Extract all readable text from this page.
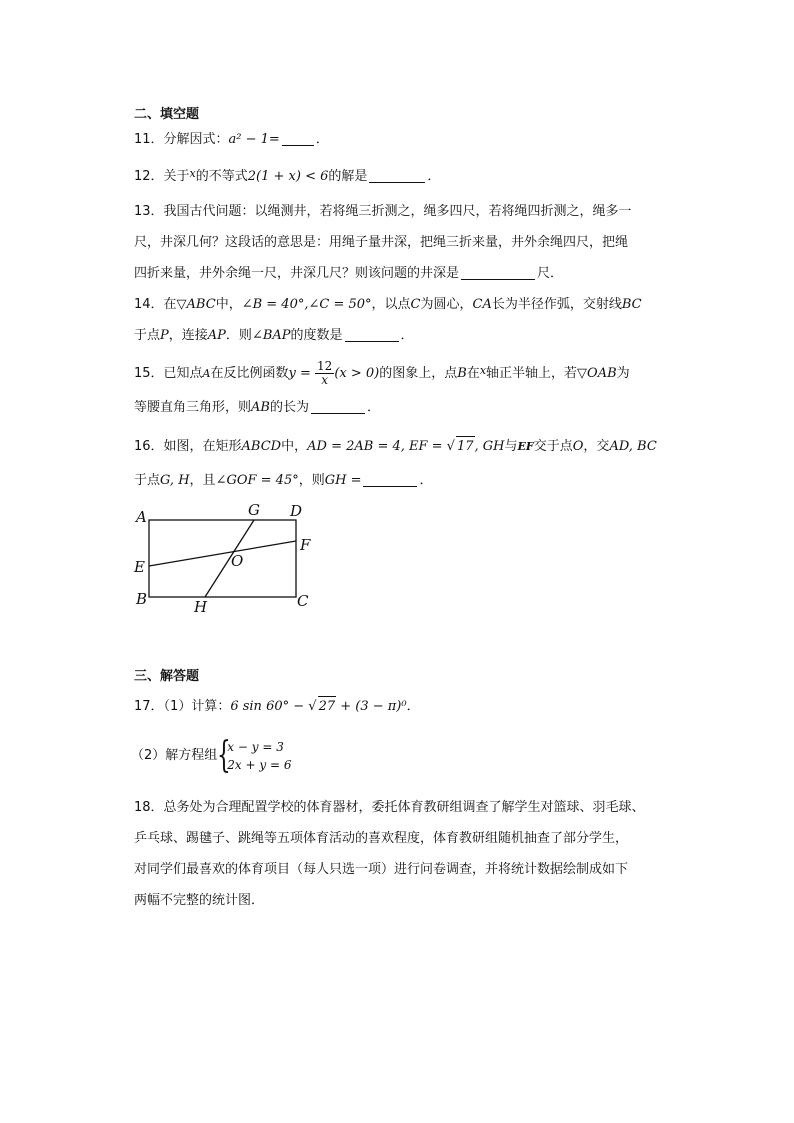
二、填空题
11．分解因式：a² − 1=	．
12．关于$^x$的不等式2(1 + x) < 6的解是	．
13．我国古代问题：以绳测井，若将绳三折测之，绳多四尺，若将绳四折测之，绳多一
尺，井深几何？这段话的意思是：用绳子量井深，把绳三折来量，井外余绳四尺，把绳
四折来量，井外余绳一尺，井深几尺？则该问题的井深是	尺．
14．在▽ABC中，∠B = 40°,∠C = 50°，以点C为圆心，CA长为半径作弧，交射线BC
于点P，连接AP．则∠BAP的度数是	．
15．已知点A在反比例函数$y = \frac{12}{x} (x > 0)$的图象上，点B在$^x$轴正半轴上，若▽OAB为
等腰直角三角形，则AB的长为	．
16．如图，在矩形ABCD中，AD = 2AB = 4, EF = √ 17, GH与EF交于点O，交AD, BC
于点G, H，且∠GOF = 45°，则GH =	．
A	G D
F
E	O
B	H	C
三、解答题
17．（1）计算：6 sin 60° − √ 27 + (3 − π)⁰．
（2）解方程组 {
x − y = 3
2x + y = 6
18．总务处为合理配置学校的体育器材，委托体育教研组调查了解学生对篮球、羽毛球、
乒乓球、踢毽子、跳绳等五项体育活动的喜欢程度，体育教研组随机抽查了部分学生，
对同学们最喜欢的体育项目（每人只选一项）进行问卷调查，并将统计数据绘制成如下
两幅不完整的统计图．
